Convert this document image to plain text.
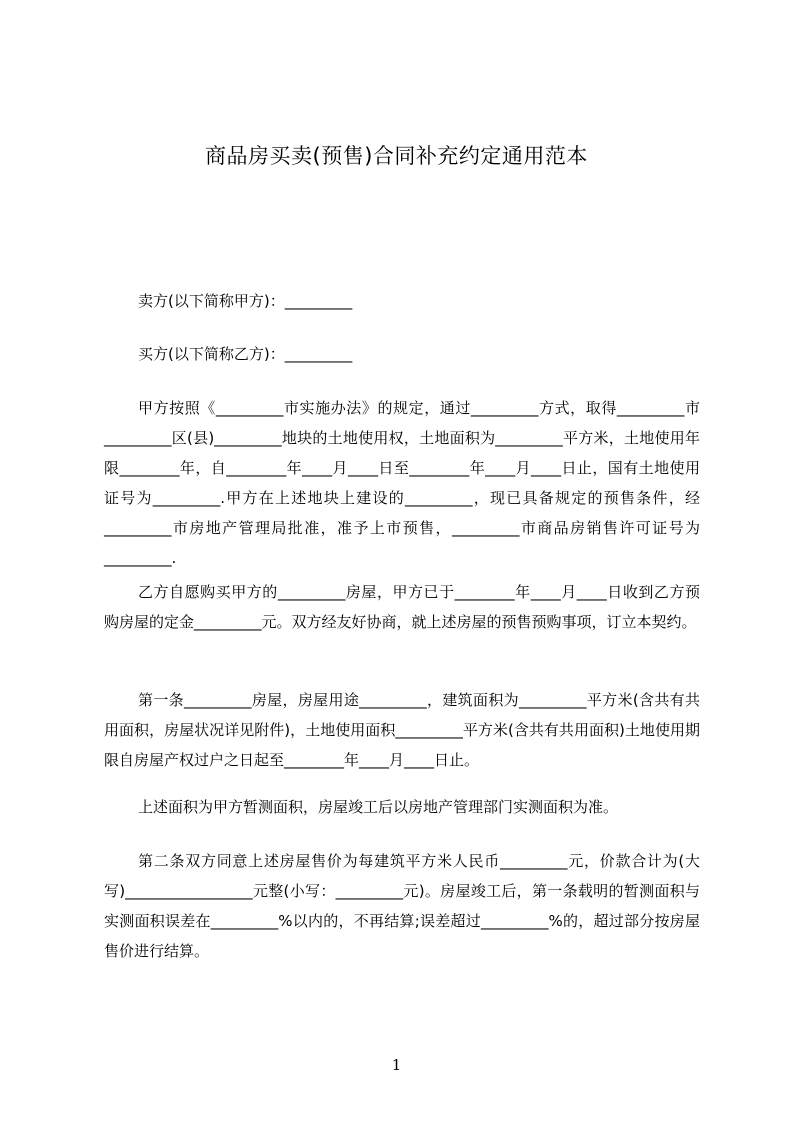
商品房买卖(预售)合同补充约定通用范本

卖方(以下简称甲方)：_________

买方(以下简称乙方)：_________

甲方按照《_________市实施办法》的规定，通过_________方式，取得_________市_________区(县)_________地块的土地使用权，土地面积为_________平方米，土地使用年限________年，自________年____月____日至________年____月____日止，国有土地使用证号为_________.甲方在上述地块上建设的_________，现已具备规定的预售条件，经_________市房地产管理局批准，准予上市预售，_________市商品房销售许可证号为_________.

乙方自愿购买甲方的_________房屋，甲方已于________年____月____日收到乙方预购房屋的定金_________元。双方经友好协商，就上述房屋的预售预购事项，订立本契约。

第一条_________房屋，房屋用途_________，建筑面积为_________平方米(含共有共用面积，房屋状况详见附件)，土地使用面积_________平方米(含共有共用面积)土地使用期限自房屋产权过户之日起至________年____月____日止。

上述面积为甲方暂测面积，房屋竣工后以房地产管理部门实测面积为准。

第二条双方同意上述房屋售价为每建筑平方米人民币_________元，价款合计为(大写)_________________元整(小写：_________元)。房屋竣工后，第一条载明的暂测面积与实测面积误差在_________%以内的，不再结算;误差超过_________%的，超过部分按房屋售价进行结算。

1
